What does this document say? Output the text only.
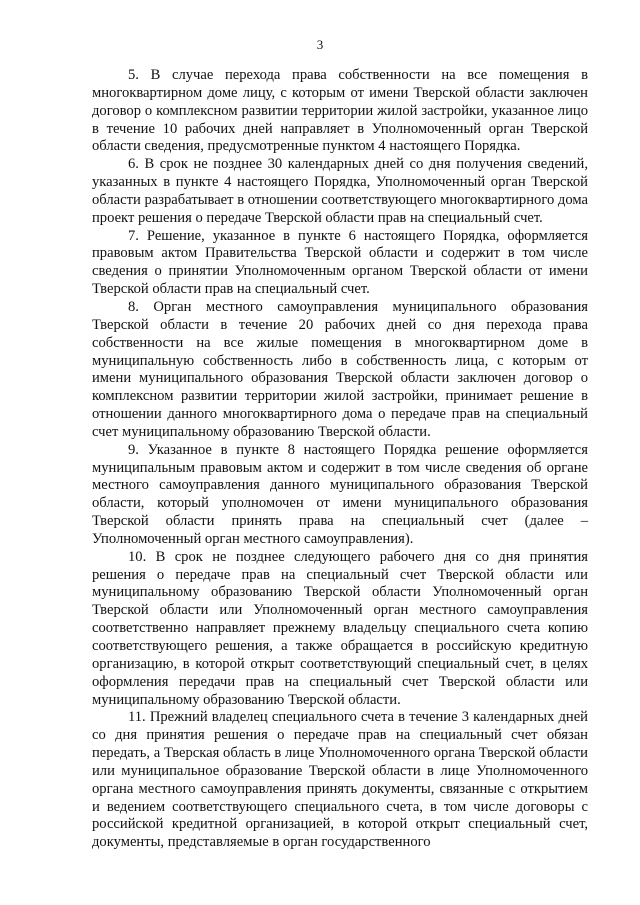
3

5. В случае перехода права собственности на все помещения в многоквартирном доме лицу, с которым от имени Тверской области заключен договор о комплексном развитии территории жилой застройки, указанное лицо в течение 10 рабочих дней направляет в Уполномоченный орган Тверской области сведения, предусмотренные пунктом 4 настоящего Порядка.

6. В срок не позднее 30 календарных дней со дня получения сведений, указанных в пункте 4 настоящего Порядка, Уполномоченный орган Тверской области разрабатывает в отношении соответствующего многоквартирного дома проект решения о передаче Тверской области прав на специальный счет.

7. Решение, указанное в пункте 6 настоящего Порядка, оформляется правовым актом Правительства Тверской области и содержит в том числе сведения о принятии Уполномоченным органом Тверской области от имени Тверской области прав на специальный счет.

8. Орган местного самоуправления муниципального образования Тверской области в течение 20 рабочих дней со дня перехода права собственности на все жилые помещения в многоквартирном доме в муниципальную собственность либо в собственность лица, с которым от имени муниципального образования Тверской области заключен договор о комплексном развитии территории жилой застройки, принимает решение в отношении данного многоквартирного дома о передаче прав на специальный счет муниципальному образованию Тверской области.

9. Указанное в пункте 8 настоящего Порядка решение оформляется муниципальным правовым актом и содержит в том числе сведения об органе местного самоуправления данного муниципального образования Тверской области, который уполномочен от имени муниципального образования Тверской области принять права на специальный счет (далее – Уполномоченный орган местного самоуправления).

10. В срок не позднее следующего рабочего дня со дня принятия решения о передаче прав на специальный счет Тверской области или муниципальному образованию Тверской области Уполномоченный орган Тверской области или Уполномоченный орган местного самоуправления соответственно направляет прежнему владельцу специального счета копию соответствующего решения, а также обращается в российскую кредитную организацию, в которой открыт соответствующий специальный счет, в целях оформления передачи прав на специальный счет Тверской области или муниципальному образованию Тверской области.

11. Прежний владелец специального счета в течение 3 календарных дней со дня принятия решения о передаче прав на специальный счет обязан передать, а Тверская область в лице Уполномоченного органа Тверской области или муниципальное образование Тверской области в лице Уполномоченного органа местного самоуправления принять документы, связанные с открытием и ведением соответствующего специального счета, в том числе договоры с российской кредитной организацией, в которой открыт специальный счет, документы, представляемые в орган государственного
